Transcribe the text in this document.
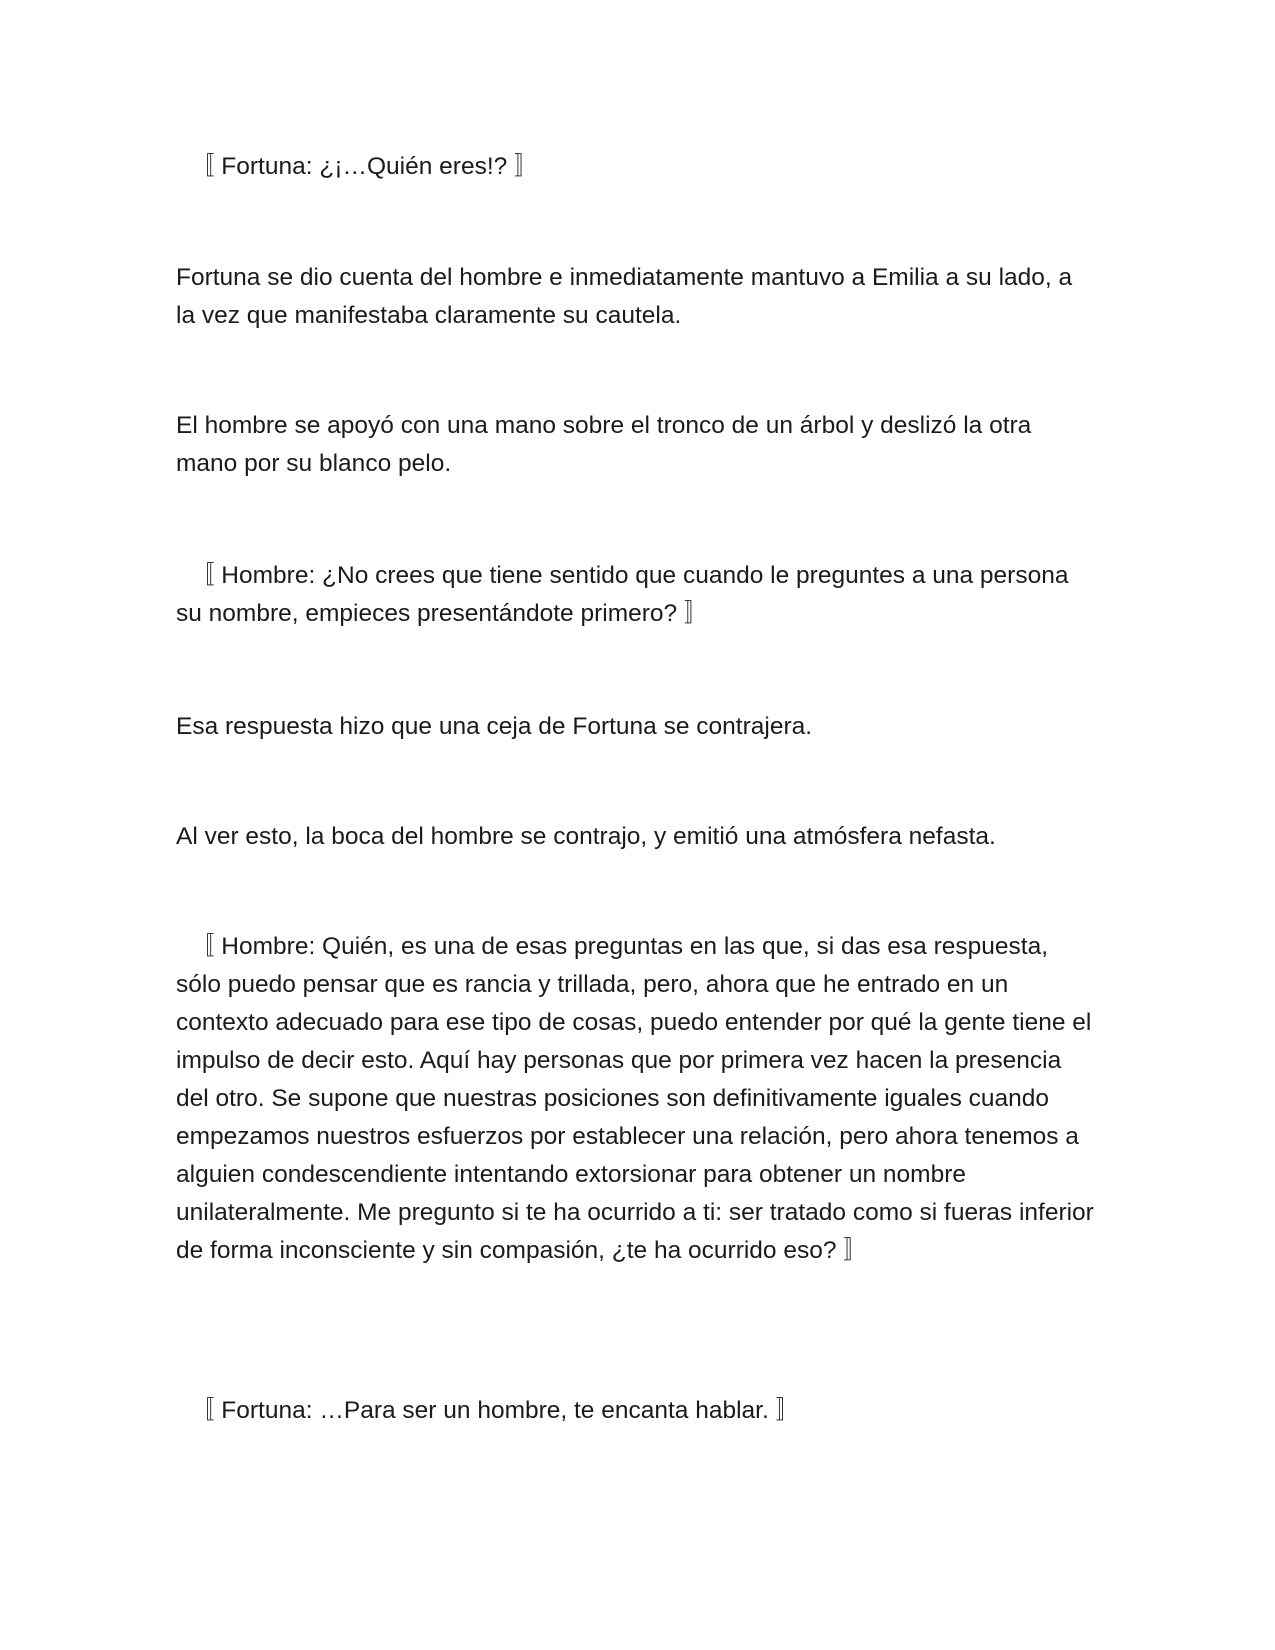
〚 Fortuna: ¿¡…Quién eres!? 〛

Fortuna se dio cuenta del hombre e inmediatamente mantuvo a Emilia a su lado, a la vez que manifestaba claramente su cautela.

El hombre se apoyó con una mano sobre el tronco de un árbol y deslizó la otra mano por su blanco pelo.

〚 Hombre: ¿No crees que tiene sentido que cuando le preguntes a una persona su nombre, empieces presentándote primero? 〛

Esa respuesta hizo que una ceja de Fortuna se contrajera.

Al ver esto, la boca del hombre se contrajo, y emitió una atmósfera nefasta.

〚 Hombre: Quién, es una de esas preguntas en las que, si das esa respuesta, sólo puedo pensar que es rancia y trillada, pero, ahora que he entrado en un contexto adecuado para ese tipo de cosas, puedo entender por qué la gente tiene el impulso de decir esto. Aquí hay personas que por primera vez hacen la presencia del otro. Se supone que nuestras posiciones son definitivamente iguales cuando empezamos nuestros esfuerzos por establecer una relación, pero ahora tenemos a alguien condescendiente intentando extorsionar para obtener un nombre unilateralmente. Me pregunto si te ha ocurrido a ti: ser tratado como si fueras inferior de forma inconsciente y sin compasión, ¿te ha ocurrido eso? 〛

〚 Fortuna: …Para ser un hombre, te encanta hablar. 〛
